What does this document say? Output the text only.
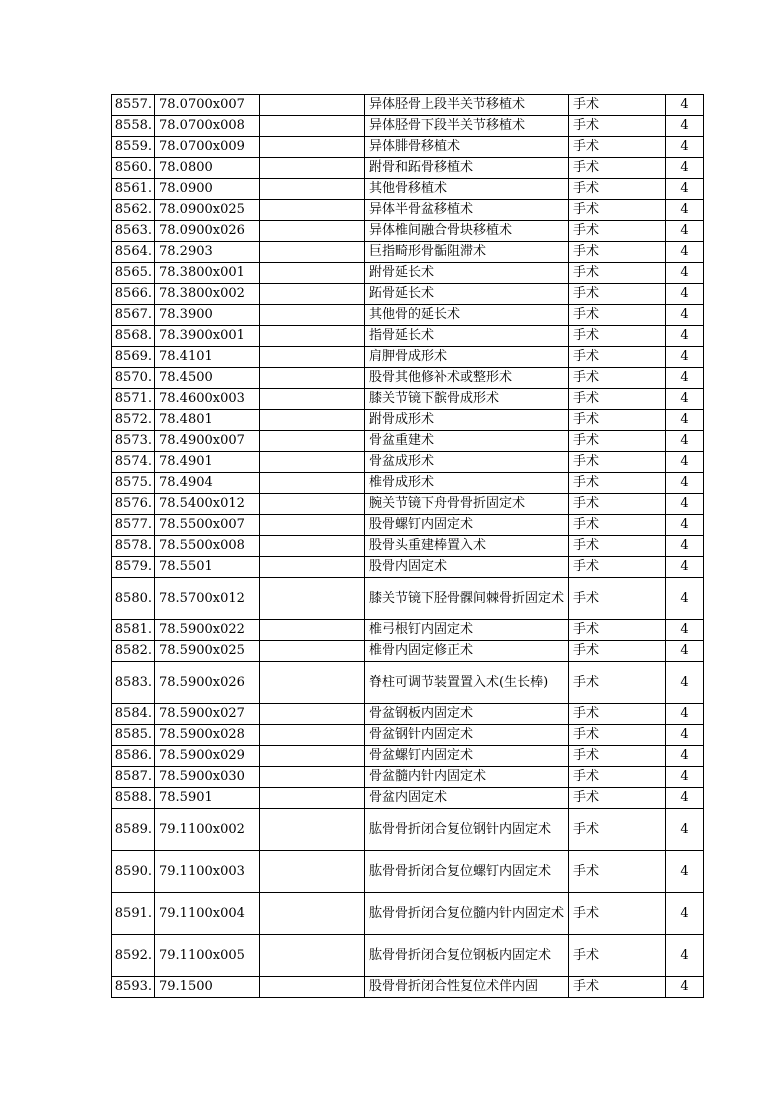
8557.	78.0700x007		异体胫骨上段半关节移植术	手术	4
8558.	78.0700x008		异体胫骨下段半关节移植术	手术	4
8559.	78.0700x009		异体腓骨移植术	手术	4
8560.	78.0800		跗骨和跖骨移植术	手术	4
8561.	78.0900		其他骨移植术	手术	4
8562.	78.0900x025		异体半骨盆移植术	手术	4
8563.	78.0900x026		异体椎间融合骨块移植术	手术	4
8564.	78.2903		巨指畸形骨骺阻滞术	手术	4
8565.	78.3800x001		跗骨延长术	手术	4
8566.	78.3800x002		跖骨延长术	手术	4
8567.	78.3900		其他骨的延长术	手术	4
8568.	78.3900x001		指骨延长术	手术	4
8569.	78.4101		肩胛骨成形术	手术	4
8570.	78.4500		股骨其他修补术或整形术	手术	4
8571.	78.4600x003		膝关节镜下髌骨成形术	手术	4
8572.	78.4801		跗骨成形术	手术	4
8573.	78.4900x007		骨盆重建术	手术	4
8574.	78.4901		骨盆成形术	手术	4
8575.	78.4904		椎骨成形术	手术	4
8576.	78.5400x012		腕关节镜下舟骨骨折固定术	手术	4
8577.	78.5500x007		股骨螺钉内固定术	手术	4
8578.	78.5500x008		股骨头重建棒置入术	手术	4
8579.	78.5501		股骨内固定术	手术	4
8580.	78.5700x012		膝关节镜下胫骨髁间棘骨折固定术	手术	4
8581.	78.5900x022		椎弓根钉内固定术	手术	4
8582.	78.5900x025		椎骨内固定修正术	手术	4
8583.	78.5900x026		脊柱可调节装置置入术(生长棒)	手术	4
8584.	78.5900x027		骨盆钢板内固定术	手术	4
8585.	78.5900x028		骨盆钢针内固定术	手术	4
8586.	78.5900x029		骨盆螺钉内固定术	手术	4
8587.	78.5900x030		骨盆髓内针内固定术	手术	4
8588.	78.5901		骨盆内固定术	手术	4
8589.	79.1100x002		肱骨骨折闭合复位钢针内固定术	手术	4
8590.	79.1100x003		肱骨骨折闭合复位螺钉内固定术	手术	4
8591.	79.1100x004		肱骨骨折闭合复位髓内针内固定术	手术	4
8592.	79.1100x005		肱骨骨折闭合复位钢板内固定术	手术	4
8593.	79.1500		股骨骨折闭合性复位术伴内固	手术	4
